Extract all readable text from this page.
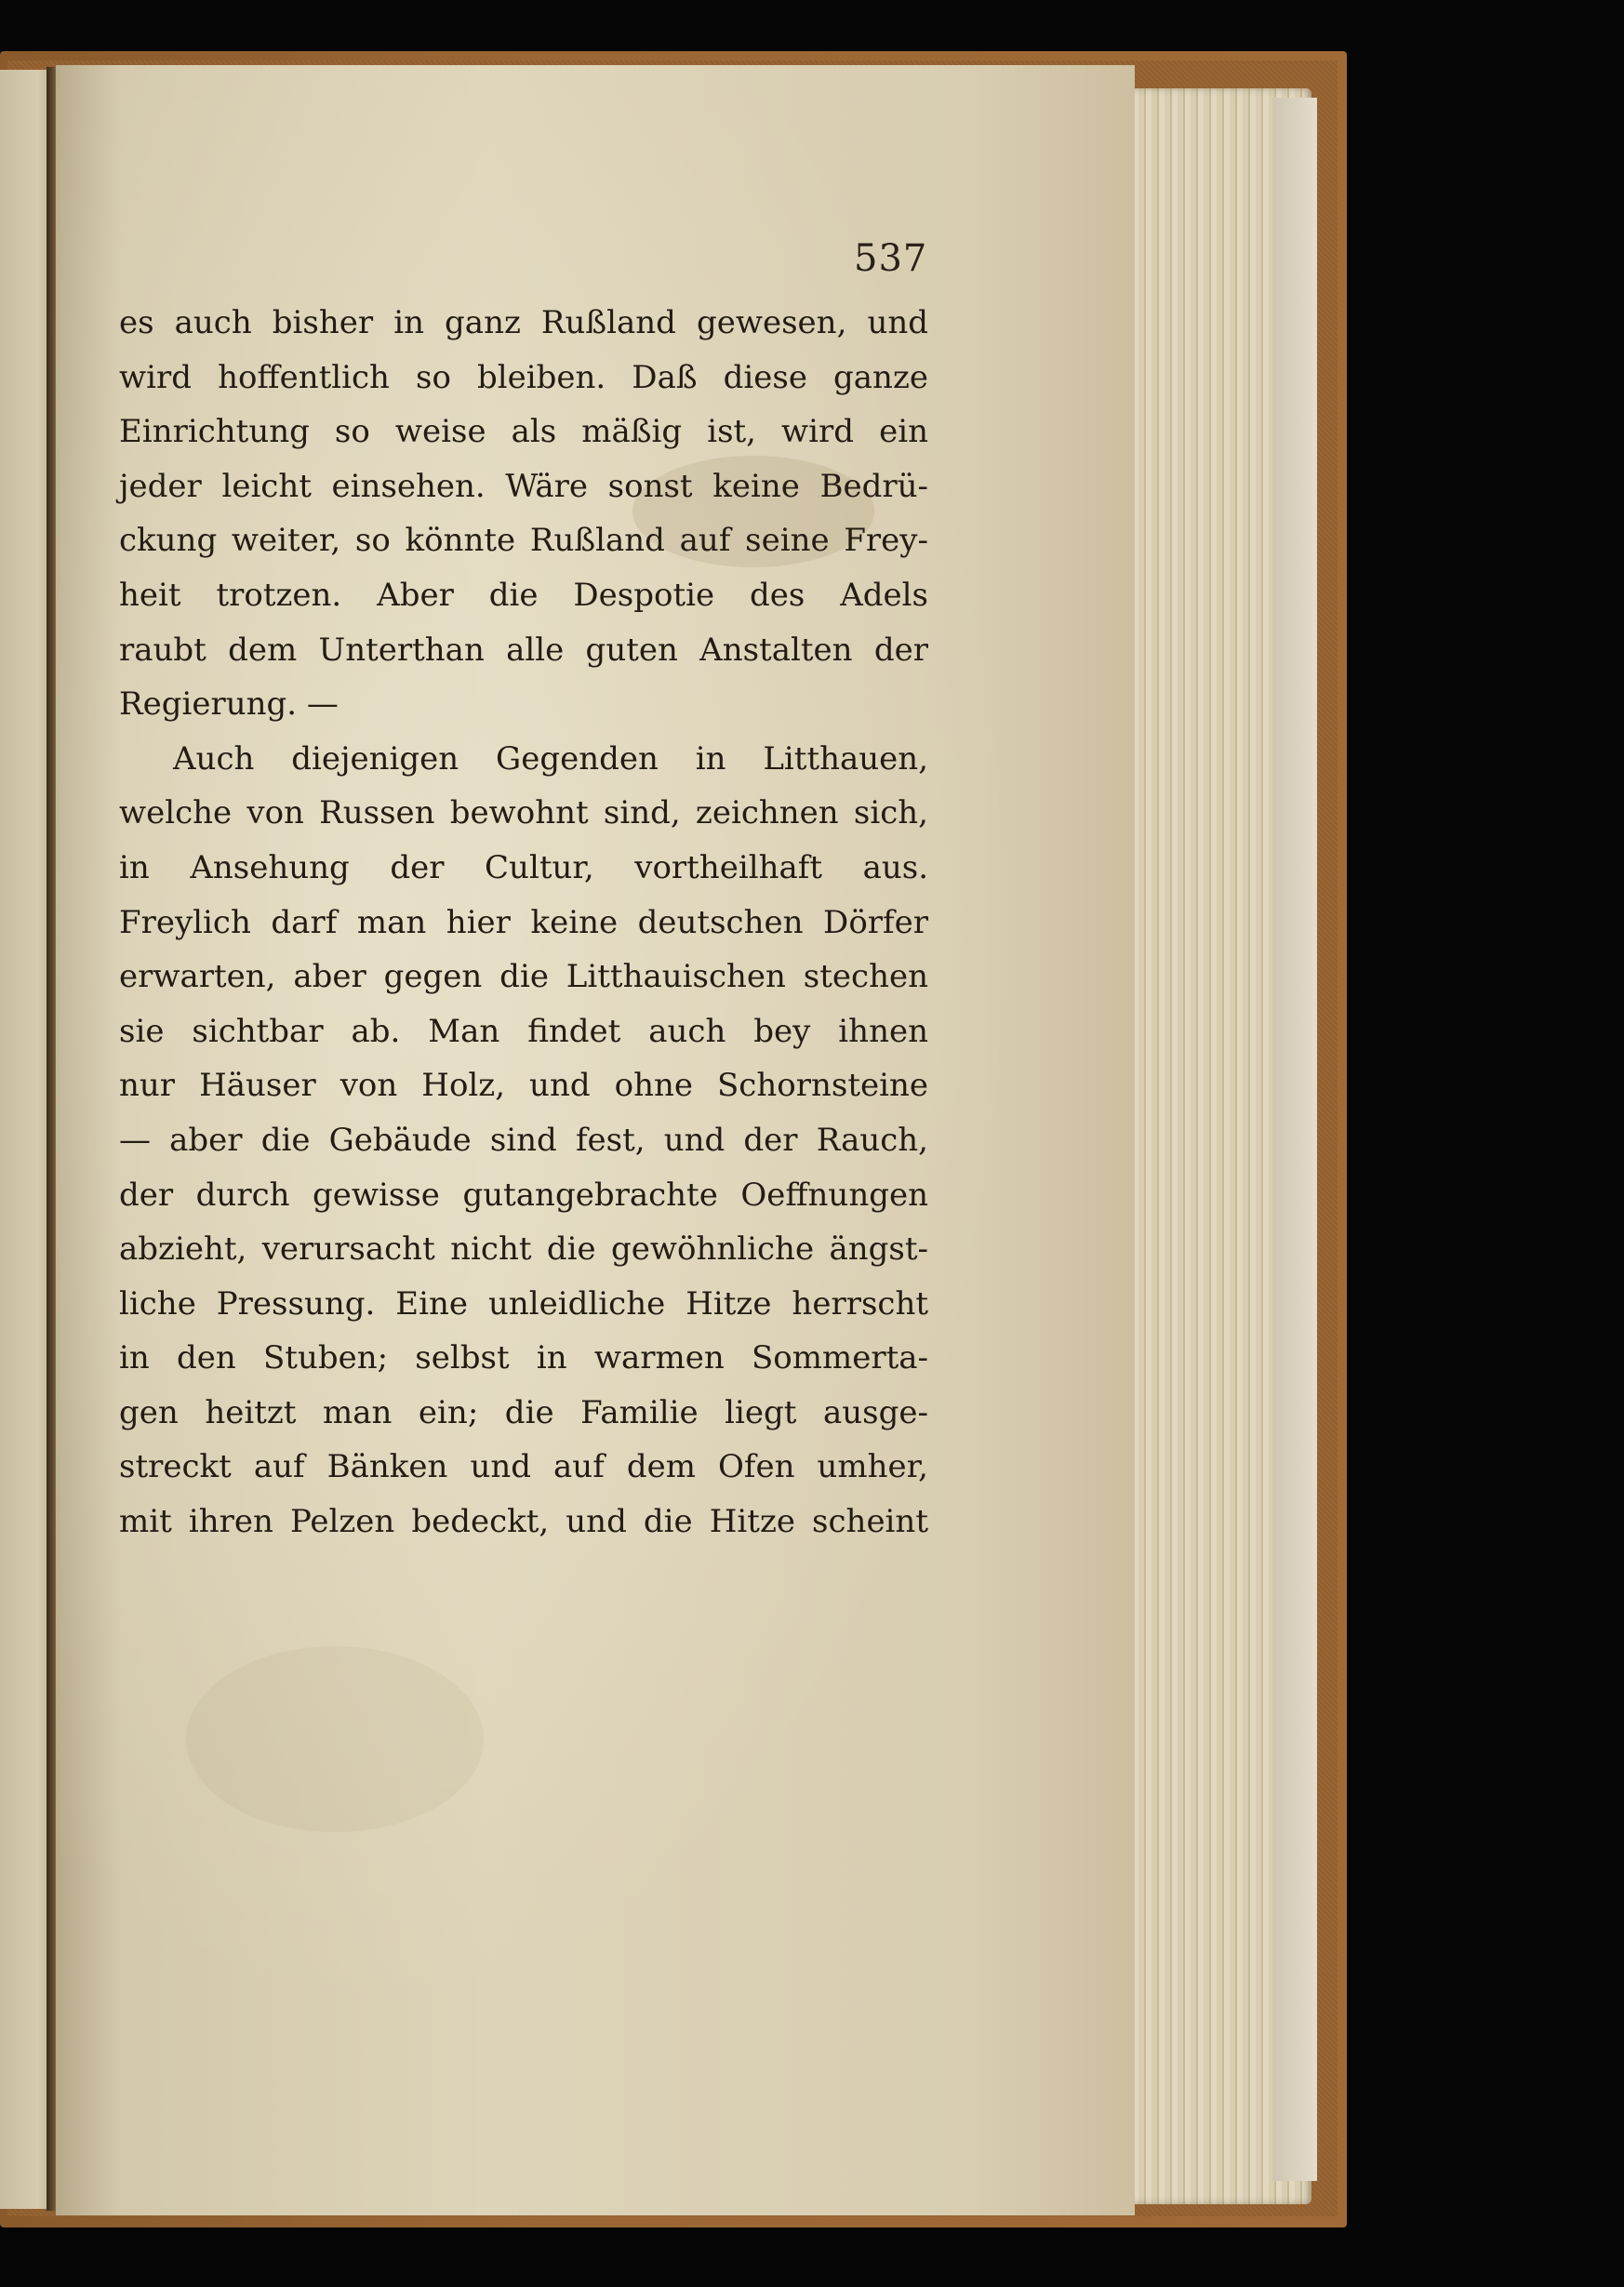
537
es auch bisher in ganz Rußland gewesen, und
wird hoffentlich so bleiben. Daß diese ganze
Einrichtung so weise als mäßig ist, wird ein
jeder leicht einsehen. Wäre sonst keine Bedrü-
ckung weiter, so könnte Rußland auf seine Frey-
heit trotzen. Aber die Despotie des Adels
raubt dem Unterthan alle guten Anstalten der
Regierung. —
Auch diejenigen Gegenden in Litthauen,
welche von Russen bewohnt sind, zeichnen sich,
in Ansehung der Cultur, vortheilhaft aus.
Freylich darf man hier keine deutschen Dörfer
erwarten, aber gegen die Litthauischen stechen
sie sichtbar ab. Man findet auch bey ihnen
nur Häuser von Holz, und ohne Schornsteine
— aber die Gebäude sind fest, und der Rauch,
der durch gewisse gutangebrachte Oeffnungen
abzieht, verursacht nicht die gewöhnliche ängst-
liche Pressung. Eine unleidliche Hitze herrscht
in den Stuben; selbst in warmen Sommerta-
gen heitzt man ein; die Familie liegt ausge-
streckt auf Bänken und auf dem Ofen umher,
mit ihren Pelzen bedeckt, und die Hitze scheint
